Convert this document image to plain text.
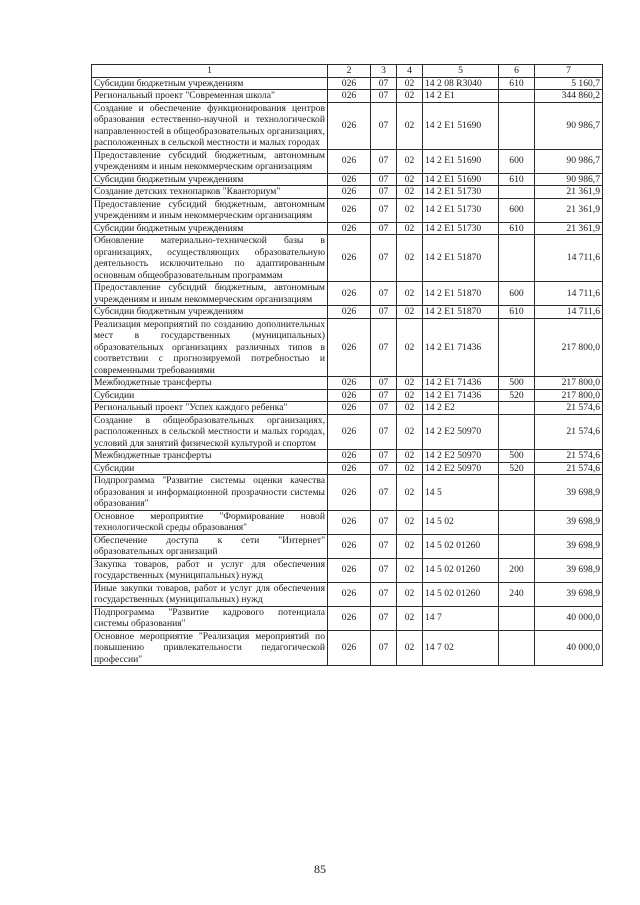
1	2	3	4	5	6	7
Субсидии бюджетным учреждениям	026	07	02	14 2 08 R3040	610	5 160,7
Региональный проект "Современная школа"	026	07	02	14 2 E1		344 860,2
Создание и обеспечение функционирования центров образования естественно-научной и технологической направленностей в общеобразовательных организациях, расположенных в сельской местности и малых городах	026	07	02	14 2 E1 51690		90 986,7
Предоставление субсидий бюджетным, автономным учреждениям и иным некоммерческим организациям	026	07	02	14 2 E1 51690	600	90 986,7
Субсидии бюджетным учреждениям	026	07	02	14 2 E1 51690	610	90 986,7
Создание детских технопарков "Кванториум"	026	07	02	14 2 E1 51730		21 361,9
Предоставление субсидий бюджетным, автономным учреждениям и иным некоммерческим организациям	026	07	02	14 2 E1 51730	600	21 361,9
Субсидии бюджетным учреждениям	026	07	02	14 2 E1 51730	610	21 361,9
Обновление материально-технической базы в организациях, осуществляющих образовательную деятельность исключительно по адаптированным основным общеобразовательным программам	026	07	02	14 2 E1 51870		14 711,6
Предоставление субсидий бюджетным, автономным учреждениям и иным некоммерческим организациям	026	07	02	14 2 E1 51870	600	14 711,6
Субсидии бюджетным учреждениям	026	07	02	14 2 E1 51870	610	14 711,6
Реализация мероприятий по созданию дополнительных мест в государственных (муниципальных) образовательных организациях различных типов в соответствии с прогнозируемой потребностью и современными требованиями	026	07	02	14 2 E1 71436		217 800,0
Межбюджетные трансферты	026	07	02	14 2 E1 71436	500	217 800,0
Субсидии	026	07	02	14 2 E1 71436	520	217 800,0
Региональный проект "Успех каждого ребенка"	026	07	02	14 2 E2		21 574,6
Создание в общеобразовательных организациях, расположенных в сельской местности и малых городах, условий для занятий физической культурой и спортом	026	07	02	14 2 E2 50970		21 574,6
Межбюджетные трансферты	026	07	02	14 2 E2 50970	500	21 574,6
Субсидии	026	07	02	14 2 E2 50970	520	21 574,6
Подпрограмма "Развитие системы оценки качества образования и информационной прозрачности системы образования"	026	07	02	14 5		39 698,9
Основное мероприятие "Формирование новой технологической среды образования"	026	07	02	14 5 02		39 698,9
Обеспечение доступа к сети "Интернет" образовательных организаций	026	07	02	14 5 02 01260		39 698,9
Закупка товаров, работ и услуг для обеспечения государственных (муниципальных) нужд	026	07	02	14 5 02 01260	200	39 698,9
Иные закупки товаров, работ и услуг для обеспечения государственных (муниципальных) нужд	026	07	02	14 5 02 01260	240	39 698,9
Подпрограмма "Развитие кадрового потенциала системы образования"	026	07	02	14 7		40 000,0
Основное мероприятие "Реализация мероприятий по повышению привлекательности педагогической профессии"	026	07	02	14 7 02		40 000,0
85
